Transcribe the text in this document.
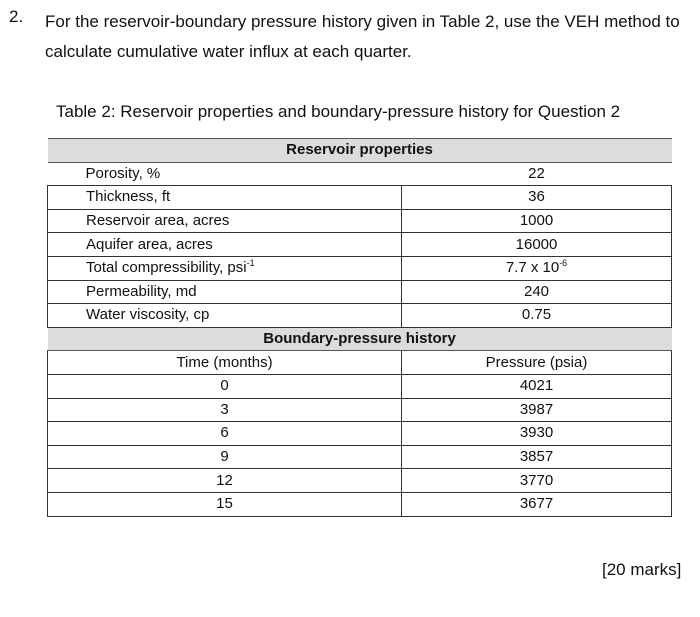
2. For the reservoir-boundary pressure history given in Table 2, use the VEH method to calculate cumulative water influx at each quarter.
Table 2: Reservoir properties and boundary-pressure history for Question 2
Reservoir properties	
Porosity, %	22
Thickness, ft	36
Reservoir area, acres	1000
Aquifer area, acres	16000
Total compressibility, psi$^{-1}$	7.7 x $10^{-6}$
Permeability, md	240
Water viscosity, cp	0.75
Boundary-pressure history	
Time (months)	Pressure (psia)
0	4021
3	3987
6	3930
9	3857
12	3770
15	3677
[20 marks]
